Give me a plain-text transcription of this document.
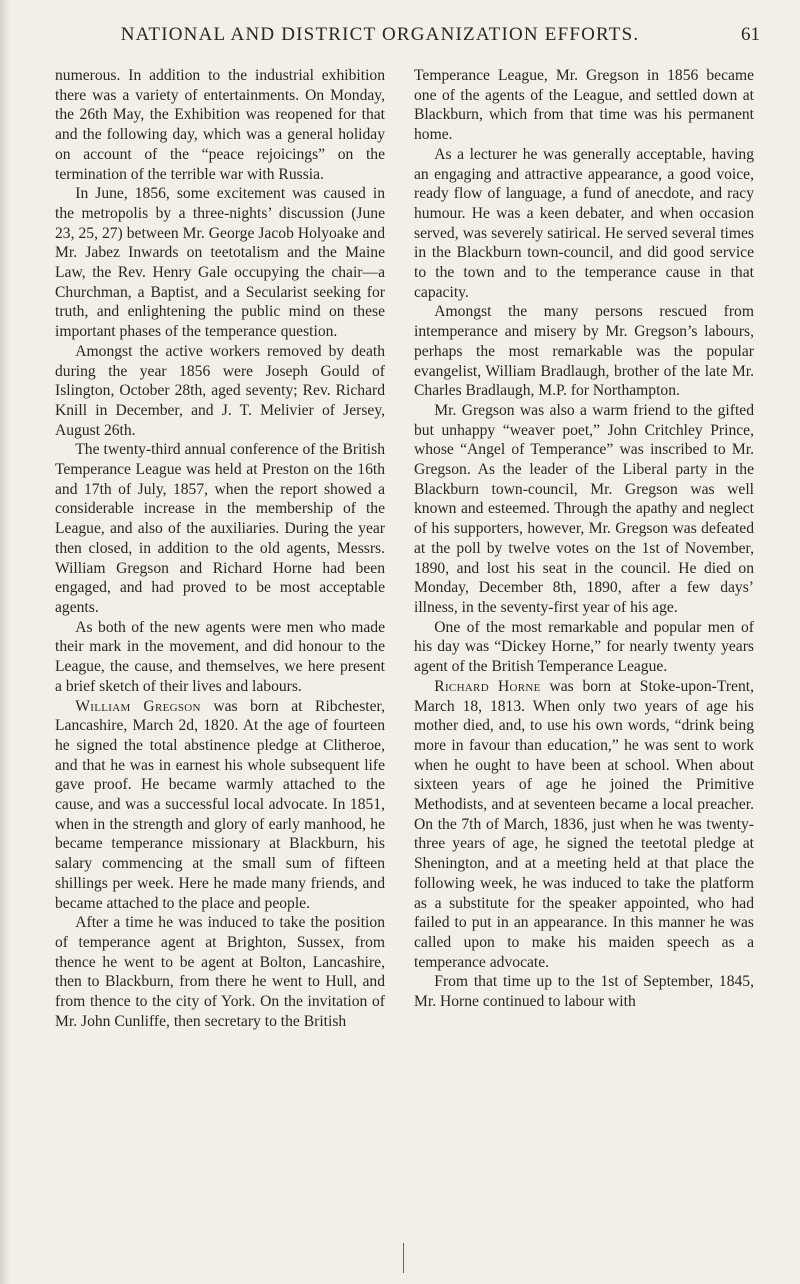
NATIONAL AND DISTRICT ORGANIZATION EFFORTS.	61

numerous. In addition to the industrial exhibition there was a variety of entertainments. On Monday, the 26th May, the Exhibition was reopened for that and the following day, which was a general holiday on account of the “peace rejoicings” on the termination of the terrible war with Russia.

In June, 1856, some excitement was caused in the metropolis by a three-nights’ discussion (June 23, 25, 27) between Mr. George Jacob Holyoake and Mr. Jabez Inwards on teetotalism and the Maine Law, the Rev. Henry Gale occupying the chair—a Churchman, a Baptist, and a Secularist seeking for truth, and enlightening the public mind on these important phases of the temperance question.

Amongst the active workers removed by death during the year 1856 were Joseph Gould of Islington, October 28th, aged seventy; Rev. Richard Knill in December, and J. T. Melivier of Jersey, August 26th.

The twenty-third annual conference of the British Temperance League was held at Preston on the 16th and 17th of July, 1857, when the report showed a considerable increase in the membership of the League, and also of the auxiliaries. During the year then closed, in addition to the old agents, Messrs. William Gregson and Richard Horne had been engaged, and had proved to be most acceptable agents.

As both of the new agents were men who made their mark in the movement, and did honour to the League, the cause, and themselves, we here present a brief sketch of their lives and labours.

William Gregson was born at Ribchester, Lancashire, March 2d, 1820. At the age of fourteen he signed the total abstinence pledge at Clitheroe, and that he was in earnest his whole subsequent life gave proof. He became warmly attached to the cause, and was a successful local advocate. In 1851, when in the strength and glory of early manhood, he became temperance missionary at Blackburn, his salary commencing at the small sum of fifteen shillings per week. Here he made many friends, and became attached to the place and people.

After a time he was induced to take the position of temperance agent at Brighton, Sussex, from thence he went to be agent at Bolton, Lancashire, then to Blackburn, from there he went to Hull, and from thence to the city of York. On the invitation of Mr. John Cunliffe, then secretary to the British

Temperance League, Mr. Gregson in 1856 became one of the agents of the League, and settled down at Blackburn, which from that time was his permanent home.

As a lecturer he was generally acceptable, having an engaging and attractive appearance, a good voice, ready flow of language, a fund of anecdote, and racy humour. He was a keen debater, and when occasion served, was severely satirical. He served several times in the Blackburn town-council, and did good service to the town and to the temperance cause in that capacity.

Amongst the many persons rescued from intemperance and misery by Mr. Gregson’s labours, perhaps the most remarkable was the popular evangelist, William Bradlaugh, brother of the late Mr. Charles Bradlaugh, M.P. for Northampton.

Mr. Gregson was also a warm friend to the gifted but unhappy “weaver poet,” John Critchley Prince, whose “Angel of Temperance” was inscribed to Mr. Gregson. As the leader of the Liberal party in the Blackburn town-council, Mr. Gregson was well known and esteemed. Through the apathy and neglect of his supporters, however, Mr. Gregson was defeated at the poll by twelve votes on the 1st of November, 1890, and lost his seat in the council. He died on Monday, December 8th, 1890, after a few days’ illness, in the seventy-first year of his age.

One of the most remarkable and popular men of his day was “Dickey Horne,” for nearly twenty years agent of the British Temperance League.

Richard Horne was born at Stoke-upon-Trent, March 18, 1813. When only two years of age his mother died, and, to use his own words, “drink being more in favour than education,” he was sent to work when he ought to have been at school. When about sixteen years of age he joined the Primitive Methodists, and at seventeen became a local preacher. On the 7th of March, 1836, just when he was twenty-three years of age, he signed the teetotal pledge at Shenington, and at a meeting held at that place the following week, he was induced to take the platform as a substitute for the speaker appointed, who had failed to put in an appearance. In this manner he was called upon to make his maiden speech as a temperance advocate.

From that time up to the 1st of September, 1845, Mr. Horne continued to labour with
